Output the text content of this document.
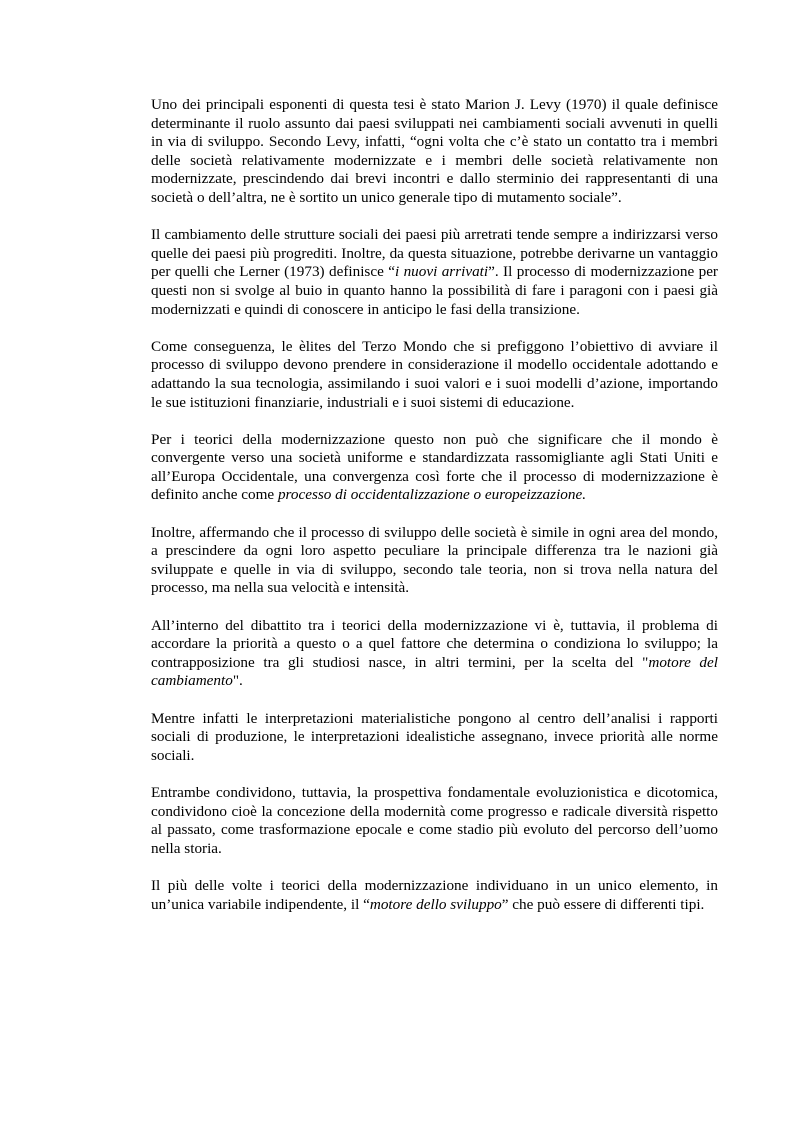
Uno dei principali esponenti di questa tesi è stato Marion J. Levy (1970) il quale definisce determinante il ruolo assunto dai paesi sviluppati nei cambiamenti sociali avvenuti in quelli in via di sviluppo. Secondo Levy, infatti, “ogni volta che c’è stato un contatto tra i membri delle società relativamente modernizzate e i membri delle società relativamente non modernizzate, prescindendo dai brevi incontri e dallo sterminio dei rappresentanti di una società o dell’altra, ne è sortito un unico generale tipo di mutamento sociale”.

Il cambiamento delle strutture sociali dei paesi più arretrati tende sempre a indirizzarsi verso quelle dei paesi più progrediti. Inoltre, da questa situazione, potrebbe derivarne un vantaggio per quelli che Lerner (1973) definisce “i nuovi arrivati”. Il processo di modernizzazione per questi non si svolge al buio in quanto hanno la possibilità di fare i paragoni con i paesi già modernizzati e quindi di conoscere in anticipo le fasi della transizione.

Come conseguenza, le èlites del Terzo Mondo che si prefiggono l’obiettivo di avviare il processo di sviluppo devono prendere in considerazione il modello occidentale adottando e adattando la sua tecnologia, assimilando i suoi valori e i suoi modelli d’azione, importando le sue istituzioni finanziarie, industriali e i suoi sistemi di educazione.

Per i teorici della modernizzazione questo non può che significare che il mondo è convergente verso una società uniforme e standardizzata rassomigliante agli Stati Uniti e all’Europa Occidentale, una convergenza così forte che il processo di modernizzazione è definito anche come processo di occidentalizzazione o europeizzazione.

Inoltre, affermando che il processo di sviluppo delle società è simile in ogni area del mondo, a prescindere da ogni loro aspetto peculiare la principale differenza tra le nazioni già sviluppate e quelle in via di sviluppo, secondo tale teoria, non si trova nella natura del processo, ma nella sua velocità e intensità.

All’interno del dibattito tra i teorici della modernizzazione vi è, tuttavia, il problema di accordare la priorità a questo o a quel fattore che determina o condiziona lo sviluppo; la contrapposizione tra gli studiosi nasce, in altri termini, per la scelta del "motore del cambiamento".

Mentre infatti le interpretazioni materialistiche pongono al centro dell’analisi i rapporti sociali di produzione, le interpretazioni idealistiche assegnano, invece priorità alle norme sociali.

Entrambe condividono, tuttavia, la prospettiva fondamentale evoluzionistica e dicotomica, condividono cioè la concezione della modernità come progresso e radicale diversità rispetto al passato, come trasformazione epocale e come stadio più evoluto del percorso dell’uomo nella storia.

Il più delle volte i teorici della modernizzazione individuano in un unico elemento, in un’unica variabile indipendente, il “motore dello sviluppo” che può essere di differenti tipi.
